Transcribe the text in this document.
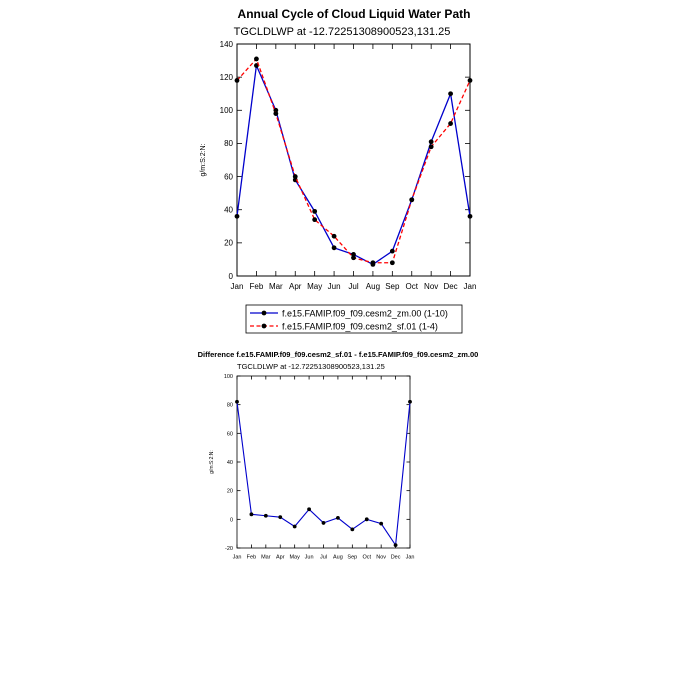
Annual Cycle of Cloud Liquid Water Path
TGCLDLWP at -12.72251308900523,131.25
g/m:S:2:N:
0
20
40
60
80
100
120
140
Jan Feb Mar Apr May Jun Jul Aug Sep Oct Nov Dec Jan
f.e15.FAMIP.f09_f09.cesm2_zm.00 (1-10)
f.e15.FAMIP.f09_f09.cesm2_sf.01 (1-4)
Difference f.e15.FAMIP.f09_f09.cesm2_sf.01 - f.e15.FAMIP.f09_f09.cesm2_zm.00
TGCLDLWP at -12.72251308900523,131.25
g/m:S:2:N:
-20
0
20
40
60
80
100
Jan Feb Mar Apr May Jun Jul Aug Sep Oct Nov Dec Jan
